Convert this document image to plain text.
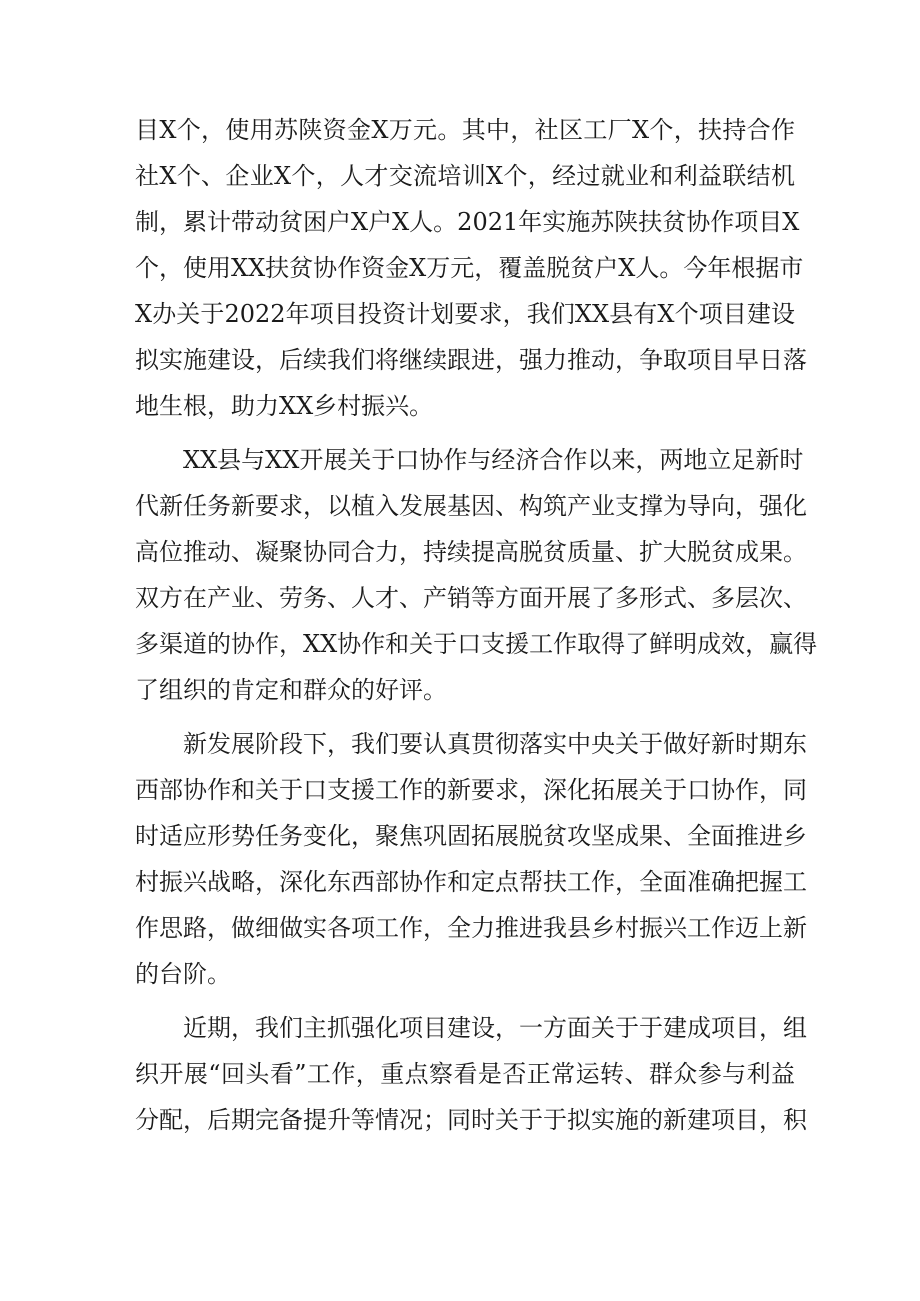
目X个，使用苏陕资金X万元。其中，社区工厂X个，扶持合作
社X个、企业X个，人才交流培训X个，经过就业和利益联结机
制，累计带动贫困户X户X人。2021年实施苏陕扶贫协作项目X
个，使用XX扶贫协作资金X万元，覆盖脱贫户X人。今年根据市
X办关于2022年项目投资计划要求，我们XX县有X个项目建设
拟实施建设，后续我们将继续跟进，强力推动，争取项目早日落
地生根，助力XX乡村振兴。
　　XX县与XX开展关于口协作与经济合作以来，两地立足新时
代新任务新要求，以植入发展基因、构筑产业支撑为导向，强化
高位推动、凝聚协同合力，持续提高脱贫质量、扩大脱贫成果。
双方在产业、劳务、人才、产销等方面开展了多形式、多层次、
多渠道的协作，XX协作和关于口支援工作取得了鲜明成效，赢得
了组织的肯定和群众的好评。
　　新发展阶段下，我们要认真贯彻落实中央关于做好新时期东
西部协作和关于口支援工作的新要求，深化拓展关于口协作，同
时适应形势任务变化，聚焦巩固拓展脱贫攻坚成果、全面推进乡
村振兴战略，深化东西部协作和定点帮扶工作，全面准确把握工
作思路，做细做实各项工作，全力推进我县乡村振兴工作迈上新
的台阶。
　　近期，我们主抓强化项目建设，一方面关于于建成项目，组
织开展“回头看”工作，重点察看是否正常运转、群众参与利益
分配，后期完备提升等情况；同时关于于拟实施的新建项目，积
